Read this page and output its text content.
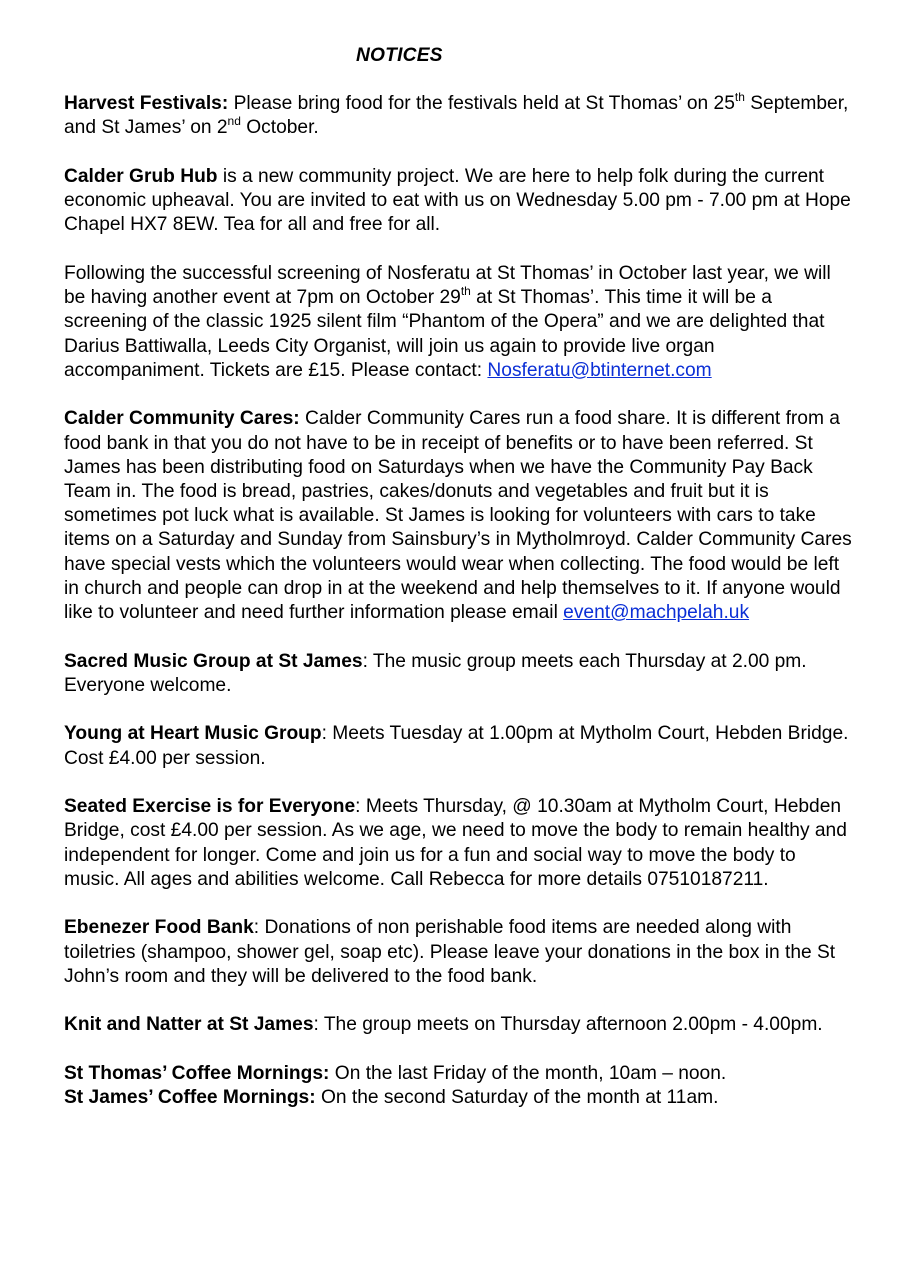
NOTICES

Harvest Festivals: Please bring food for the festivals held at St Thomas’ on 25th September, and St James’ on 2nd October.

Calder Grub Hub is a new community project. We are here to help folk during the current economic upheaval. You are invited to eat with us on Wednesday 5.00 pm - 7.00 pm at Hope Chapel HX7 8EW. Tea for all and free for all.

Following the successful screening of Nosferatu at St Thomas’ in October last year, we will be having another event at 7pm on October 29th at St Thomas’. This time it will be a screening of the classic 1925 silent film “Phantom of the Opera” and we are delighted that Darius Battiwalla, Leeds City Organist, will join us again to provide live organ accompaniment. Tickets are £15. Please contact: Nosferatu@btinternet.com

Calder Community Cares: Calder Community Cares run a food share. It is different from a food bank in that you do not have to be in receipt of benefits or to have been referred. St James has been distributing food on Saturdays when we have the Community Pay Back Team in. The food is bread, pastries, cakes/donuts and vegetables and fruit but it is sometimes pot luck what is available. St James is looking for volunteers with cars to take items on a Saturday and Sunday from Sainsbury’s in Mytholmroyd. Calder Community Cares have special vests which the volunteers would wear when collecting. The food would be left in church and people can drop in at the weekend and help themselves to it. If anyone would like to volunteer and need further information please email event@machpelah.uk

Sacred Music Group at St James: The music group meets each Thursday at 2.00 pm. Everyone welcome.

Young at Heart Music Group: Meets Tuesday at 1.00pm at Mytholm Court, Hebden Bridge. Cost £4.00 per session.

Seated Exercise is for Everyone: Meets Thursday, @ 10.30am at Mytholm Court, Hebden Bridge, cost £4.00 per session. As we age, we need to move the body to remain healthy and independent for longer. Come and join us for a fun and social way to move the body to music. All ages and abilities welcome. Call Rebecca for more details 07510187211.

Ebenezer Food Bank: Donations of non perishable food items are needed along with toiletries (shampoo, shower gel, soap etc). Please leave your donations in the box in the St John’s room and they will be delivered to the food bank.

Knit and Natter at St James: The group meets on Thursday afternoon 2.00pm - 4.00pm.

St Thomas’ Coffee Mornings: On the last Friday of the month, 10am – noon.

St James’ Coffee Mornings: On the second Saturday of the month at 11am.
